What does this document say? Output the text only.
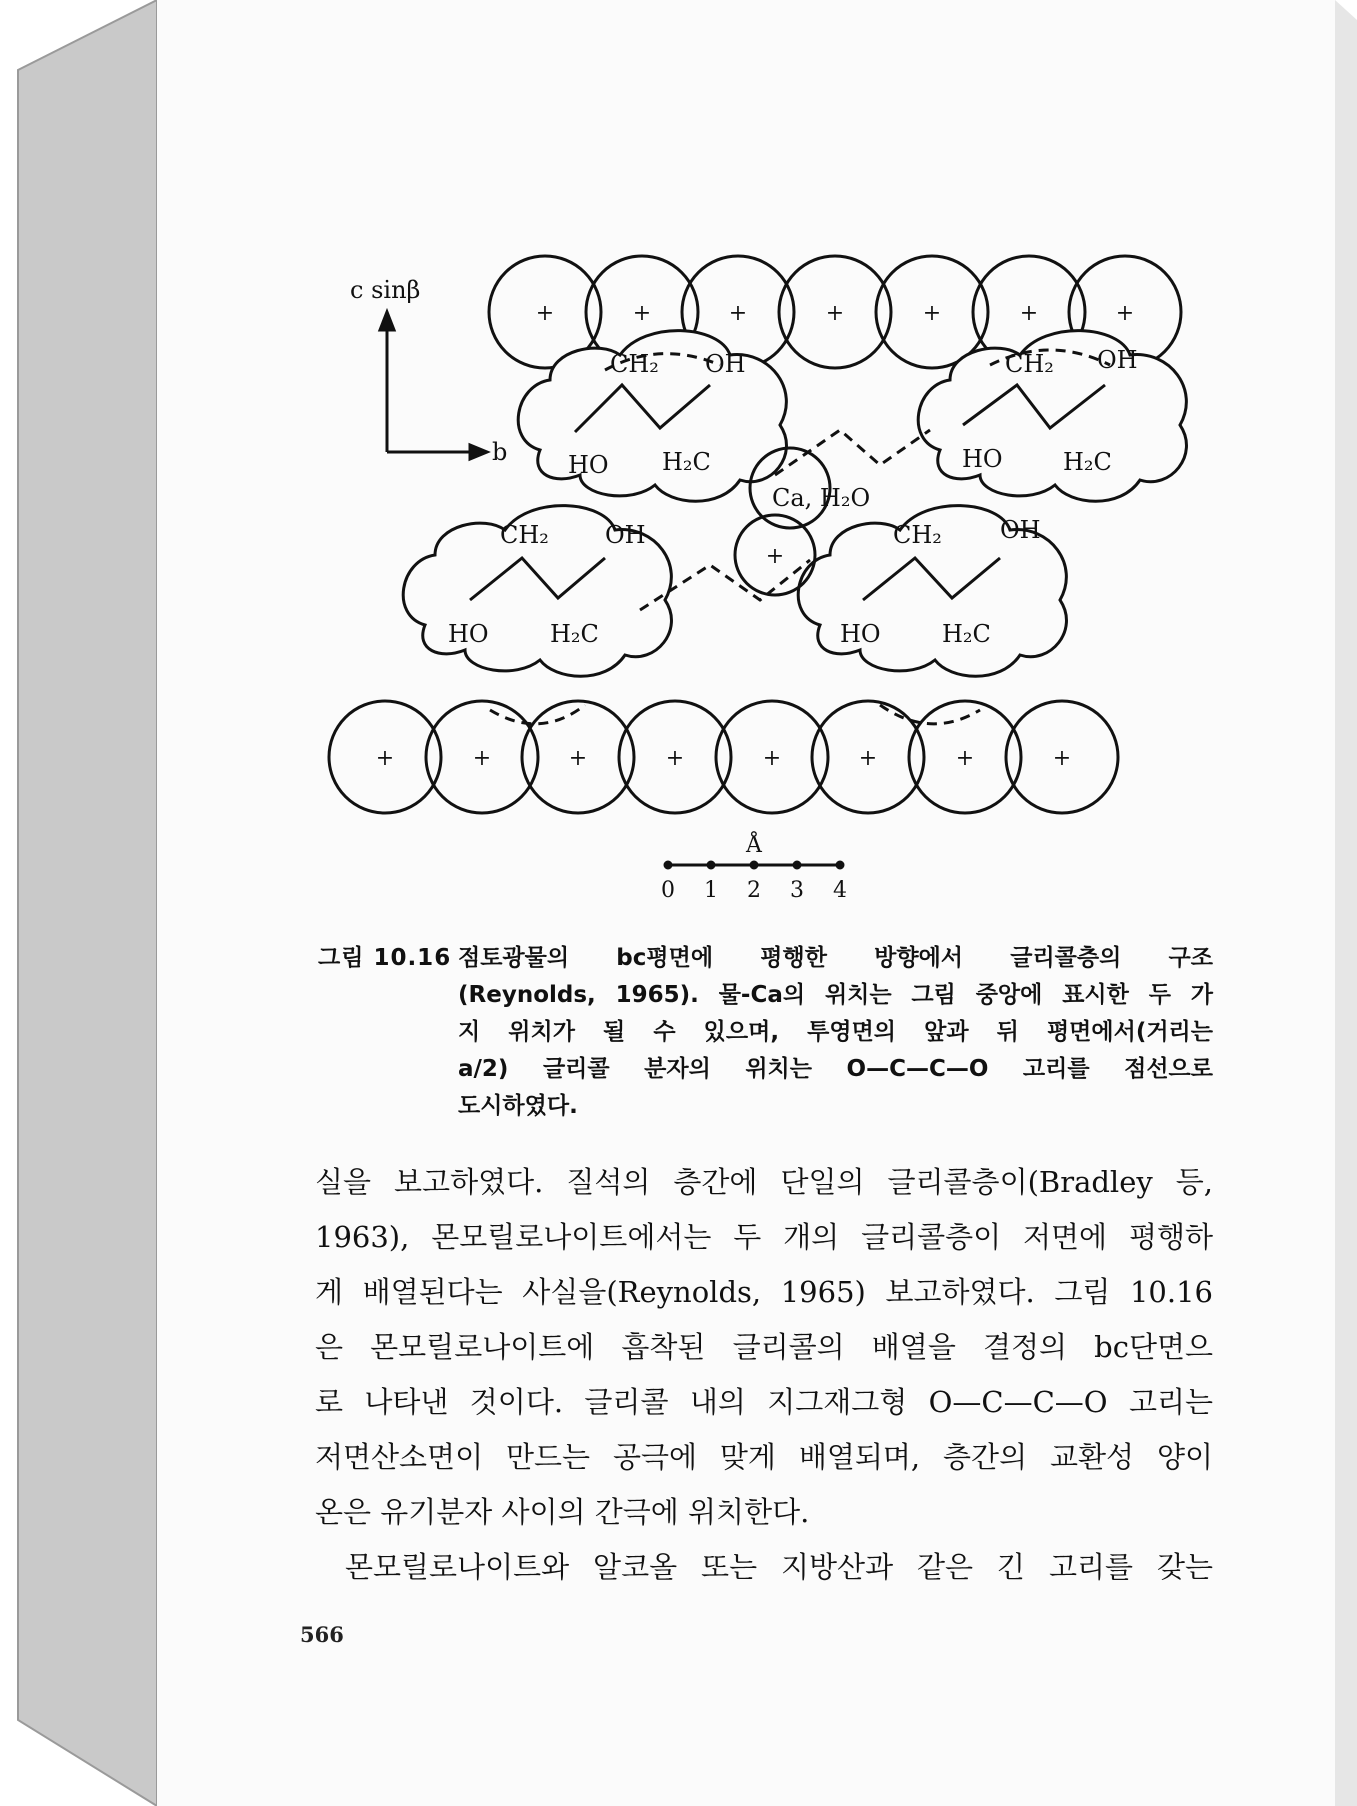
+	+	+	+	+	+	+
+	+	+	+	+	+	+	+
+
CH₂ OH
HO H₂C
CH₂ OH
HO	H₂C
CH₂ OH
HO	H₂C
CH₂ OH
HO	H₂C
Ca, H₂O
c sinβ
b
Å
0 1 2 3 4
그림 10.16 점토광물의 bc평면에 평행한 방향에서 글리콜층의 구조
(Reynolds, 1965). 물-Ca의 위치는 그림 중앙에 표시한 두 가
지 위치가 될 수 있으며, 투영면의 앞과 뒤 평면에서(거리는
a/2) 글리콜 분자의 위치는 O—C—C—O 고리를 점선으로
도시하였다.
실을 보고하였다. 질석의 층간에 단일의 글리콜층이(Bradley 등,
1963), 몬모릴로나이트에서는 두 개의 글리콜층이 저면에 평행하
게 배열된다는 사실을(Reynolds, 1965) 보고하였다. 그림 10.16
은 몬모릴로나이트에 흡착된 글리콜의 배열을 결정의 bc단면으
로 나타낸 것이다. 글리콜 내의 지그재그형 O—C—C—O 고리는
저면산소면이 만드는 공극에 맞게 배열되며, 층간의 교환성 양이
온은 유기분자 사이의 간극에 위치한다.
몬모릴로나이트와 알코올 또는 지방산과 같은 긴 고리를 갖는
566
